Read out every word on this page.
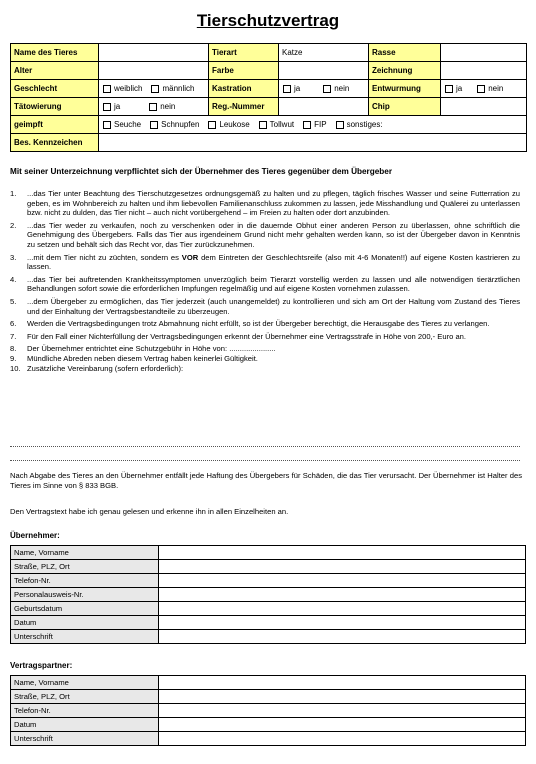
Tierschutzvertrag
Name des Tieres		Tierart	Katze	Rasse	
Alter		Farbe		Zeichnung	
Geschlecht	weiblich männlich	Kastration	ja nein	Entwurmung	ja nein
Tätowierung	ja nein	Reg.-Nummer		Chip	
geimpft	Seuche Schnupfen Leukose Tollwut FIP sonstiges:				
Bes. Kennzeichen					
Mit seiner Unterzeichnung verpflichtet sich der Übernehmer des Tieres gegenüber dem Übergeber
1. ...das Tier unter Beachtung des Tierschutzgesetzes ordnungsgemäß zu halten und zu pflegen, täglich frisches Wasser und seine Futterration zu geben, es im Wohnbereich zu halten und ihm liebevollen Familienanschluss zukommen zu lassen, jede Misshandlung und Quälerei zu unterlassen bzw. nicht zu dulden, das Tier nicht – auch nicht vorübergehend – im Freien zu halten oder dort anzubinden.
2. ...das Tier weder zu verkaufen, noch zu verschenken oder in die dauernde Obhut einer anderen Person zu überlassen, ohne schriftlich die Genehmigung des Übergebers. Falls das Tier aus irgendeinem Grund nicht mehr gehalten werden kann, so ist der Übergeber davon in Kenntnis zu setzen und behält sich das Recht vor, das Tier zurückzunehmen.
3. ...mit dem Tier nicht zu züchten, sondern es VOR dem Eintreten der Geschlechtsreife (also mit 4-6 Monaten!!) auf eigene Kosten kastrieren zu lassen.
4. ...das Tier bei auftretenden Krankheitssymptomen unverzüglich beim Tierarzt vorstellig werden zu lassen und alle notwendigen tierärztlichen Behandlungen sofort sowie die erforderlichen Impfungen regelmäßig und auf eigene Kosten vornehmen zulassen.
5. ...dem Übergeber zu ermöglichen, das Tier jederzeit (auch unangemeldet) zu kontrollieren und sich am Ort der Haltung vom Zustand des Tieres und der Einhaltung der Vertragsbestandteile zu überzeugen.
6. Werden die Vertragsbedingungen trotz Abmahnung nicht erfüllt, so ist der Übergeber berechtigt, die Herausgabe des Tieres zu verlangen.
7. Für den Fall einer Nichterfüllung der Vertragsbedingungen erkennt der Übernehmer eine Vertragsstrafe in Höhe von 200,- Euro an.
8. Der Übernehmer entrichtet eine Schutzgebühr in Höhe von: ......................
9. Mündliche Abreden neben diesem Vertrag haben keinerlei Gültigkeit.
10. Zusätzliche Vereinbarung (sofern erforderlich):
Nach Abgabe des Tieres an den Übernehmer entfällt jede Haftung des Übergebers für Schäden, die das Tier verursacht. Der Übernehmer ist Halter des Tieres im Sinne von § 833 BGB.
Den Vertragstext habe ich genau gelesen und erkenne ihn in allen Einzelheiten an.
Übernehmer:
Name, Vorname	
Straße, PLZ, Ort	
Telefon-Nr.	
Personalausweis-Nr.	
Geburtsdatum	
Datum	
Unterschrift	
Vertragspartner:
Name, Vorname	
Straße, PLZ, Ort	
Telefon-Nr.	
Datum	
Unterschrift	
